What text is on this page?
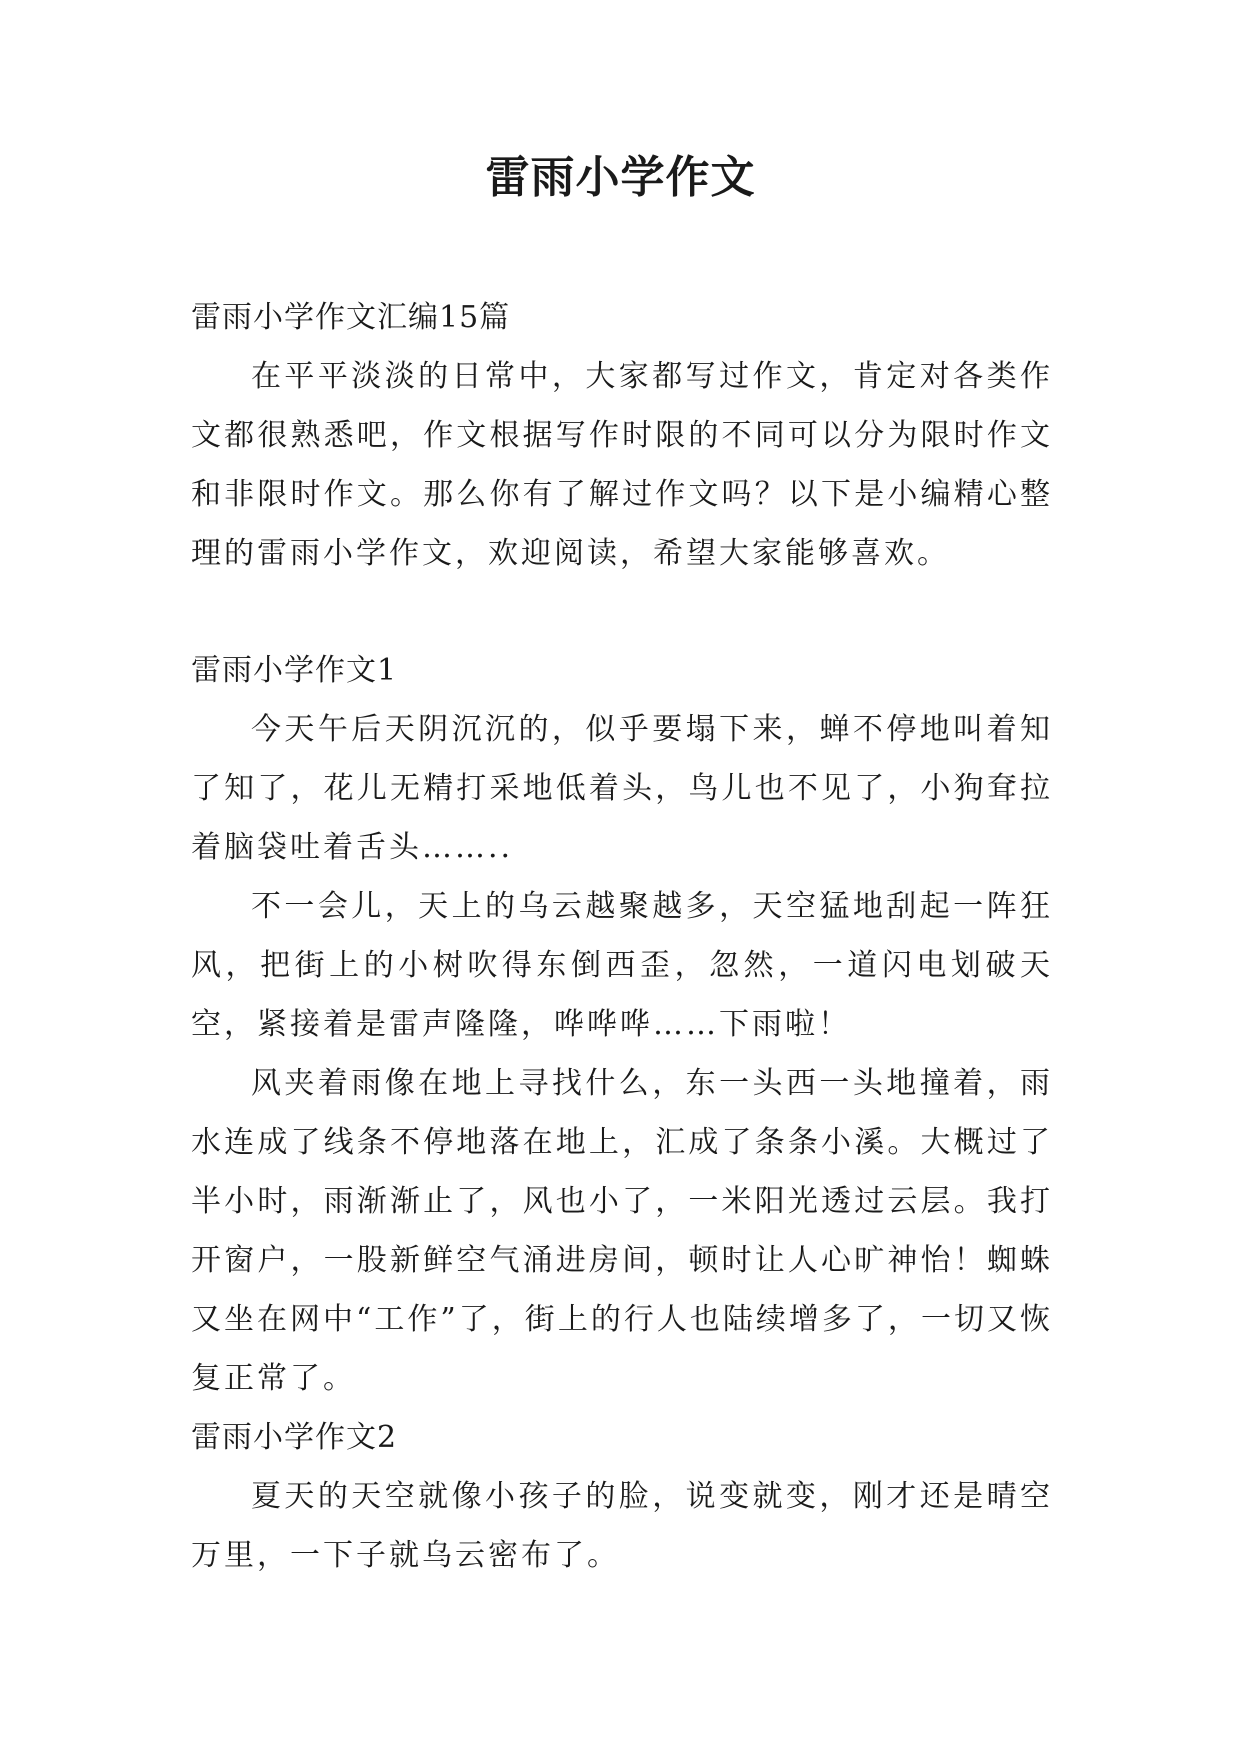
雷雨小学作文

雷雨小学作文汇编15篇

在平平淡淡的日常中，大家都写过作文，肯定对各类作文都很熟悉吧，作文根据写作时限的不同可以分为限时作文和非限时作文。那么你有了解过作文吗？以下是小编精心整理的雷雨小学作文，欢迎阅读，希望大家能够喜欢。

雷雨小学作文1

今天午后天阴沉沉的，似乎要塌下来，蝉不停地叫着知了知了，花儿无精打采地低着头，鸟儿也不见了，小狗耷拉着脑袋吐着舌头……..

不一会儿，天上的乌云越聚越多，天空猛地刮起一阵狂风，把街上的小树吹得东倒西歪，忽然，一道闪电划破天空，紧接着是雷声隆隆，哗哗哗……下雨啦！

风夹着雨像在地上寻找什么，东一头西一头地撞着，雨水连成了线条不停地落在地上，汇成了条条小溪。大概过了半小时，雨渐渐止了，风也小了，一米阳光透过云层。我打开窗户，一股新鲜空气涌进房间，顿时让人心旷神怡！蜘蛛又坐在网中“工作”了，街上的行人也陆续增多了，一切又恢复正常了。

雷雨小学作文2

夏天的天空就像小孩子的脸，说变就变，刚才还是晴空万里，一下子就乌云密布了。
